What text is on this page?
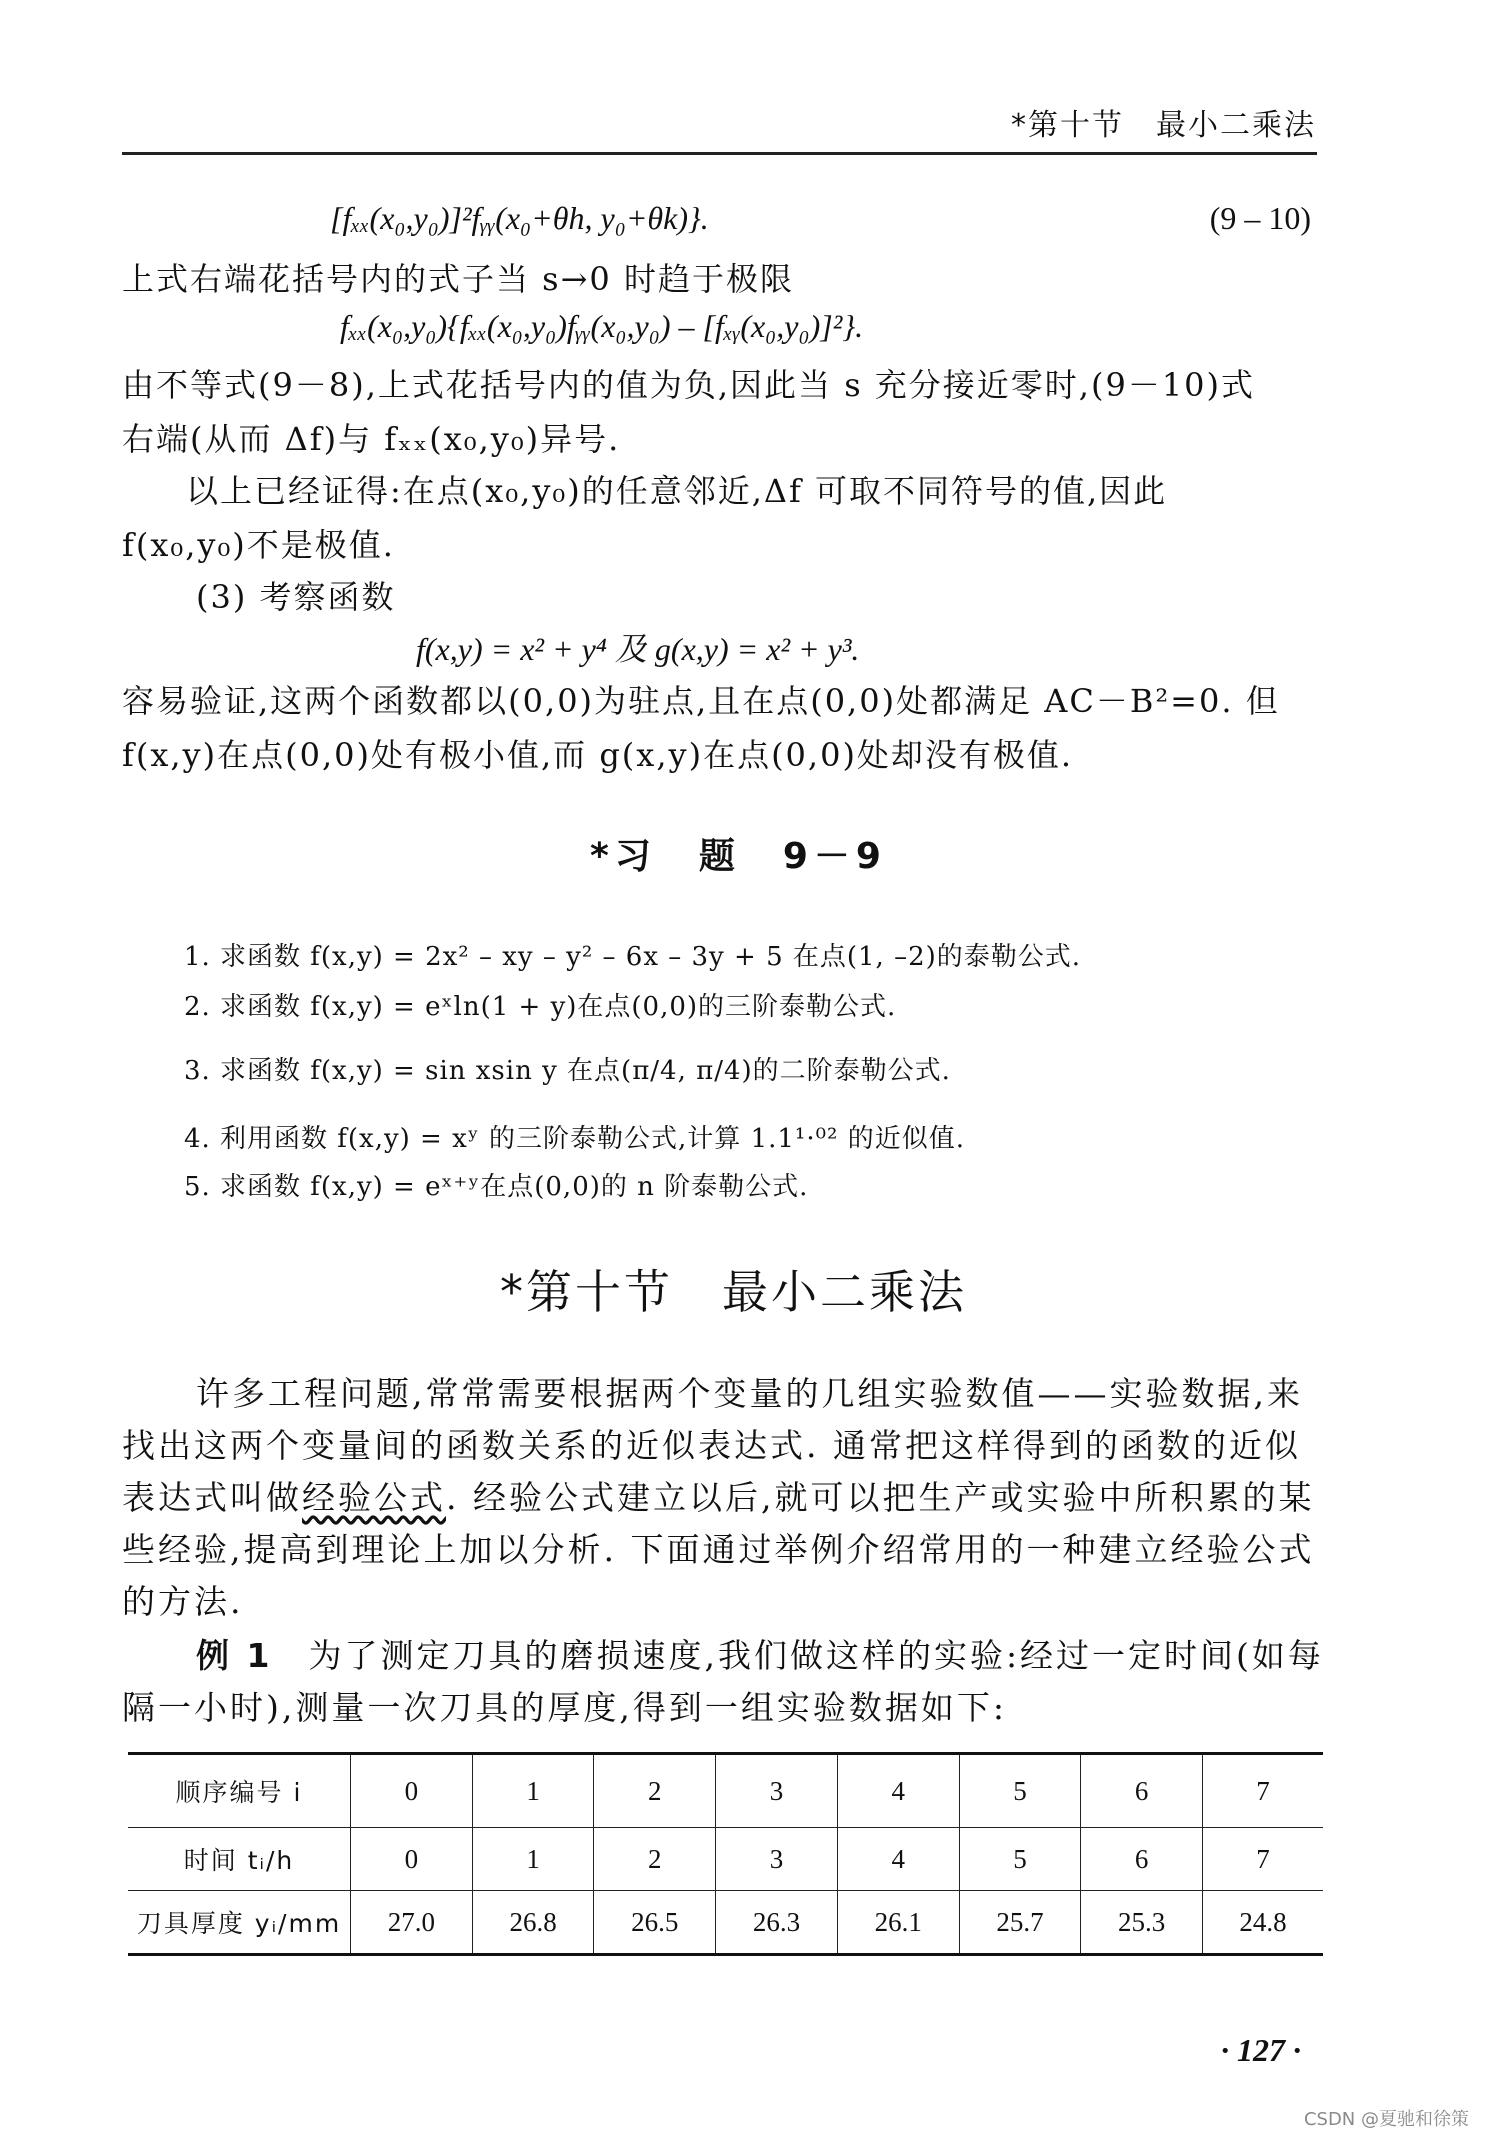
*第十节　最小二乘法
[fₓₓ(x₀,y₀)]²fᵧᵧ(x₀+θh, y₀+θk)}.	(9 – 10)
上式右端花括号内的式子当 s→0 时趋于极限
fₓₓ(x₀,y₀){fₓₓ(x₀,y₀)fᵧᵧ(x₀,y₀) – [fₓᵧ(x₀,y₀)]²}.
由不等式(9－8),上式花括号内的值为负,因此当 s 充分接近零时,(9－10)式
右端(从而 Δf)与 fₓₓ(x₀,y₀)异号.
以上已经证得:在点(x₀,y₀)的任意邻近,Δf 可取不同符号的值,因此
f(x₀,y₀)不是极值.
(3) 考察函数
f(x,y) = x² + y⁴ 及 g(x,y) = x² + y³.
容易验证,这两个函数都以(0,0)为驻点,且在点(0,0)处都满足 AC－B²=0. 但
f(x,y)在点(0,0)处有极小值,而 g(x,y)在点(0,0)处却没有极值.
*习　题　9－9
1. 求函数 f(x,y) = 2x² – xy – y² – 6x – 3y + 5 在点(1, –2)的泰勒公式.
2. 求函数 f(x,y) = eˣln(1 + y)在点(0,0)的三阶泰勒公式.
3. 求函数 f(x,y) = sin xsin y 在点(π/4, π/4)的二阶泰勒公式.
4. 利用函数 f(x,y) = xʸ 的三阶泰勒公式,计算 1.1¹·⁰² 的近似值.
5. 求函数 f(x,y) = eˣ⁺ʸ在点(0,0)的 n 阶泰勒公式.
*第十节　最小二乘法
许多工程问题,常常需要根据两个变量的几组实验数值——实验数据,来
找出这两个变量间的函数关系的近似表达式. 通常把这样得到的函数的近似
表达式叫做经验公式. 经验公式建立以后,就可以把生产或实验中所积累的某
些经验,提高到理论上加以分析. 下面通过举例介绍常用的一种建立经验公式
的方法.
例 1　 为了测定刀具的磨损速度,我们做这样的实验:经过一定时间(如每
隔一小时),测量一次刀具的厚度,得到一组实验数据如下:
顺序编号 i	0	1	2	3	4	5	6	7
时间 tᵢ/h	0	1	2	3	4	5	6	7
刀具厚度 yᵢ/mm	27.0	26.8	26.5	26.3	26.1	25.7	25.3	24.8
· 127 ·
CSDN @夏驰和徐策
